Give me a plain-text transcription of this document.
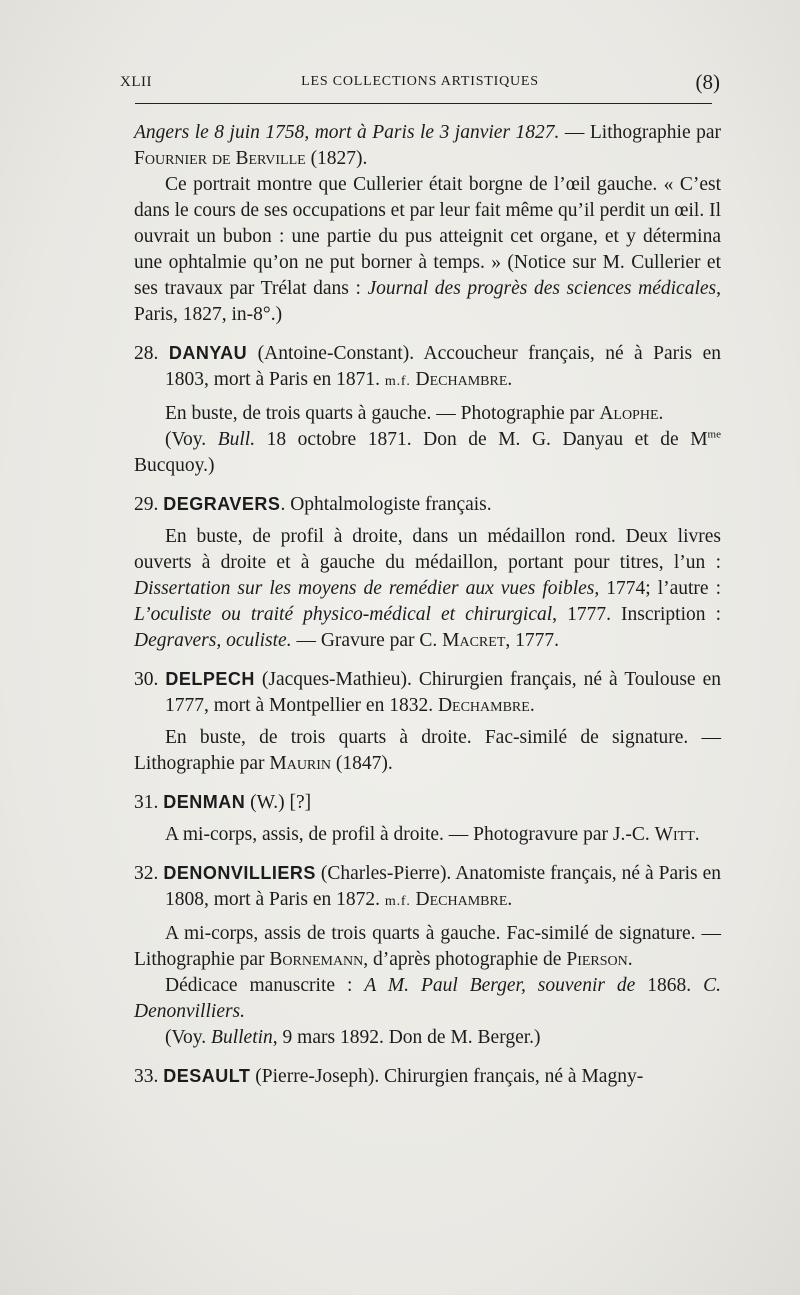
XLII	LES COLLECTIONS ARTISTIQUES	(8)

Angers le 8 juin 1758, mort à Paris le 3 janvier 1827. — Lithographie par Fournier de Berville (1827).

Ce portrait montre que Cullerier était borgne de l’œil gauche. « C’est dans le cours de ses occupations et par leur fait même qu’il perdit un œil. Il ouvrait un bubon : une partie du pus atteignit cet organe, et y détermina une ophtalmie qu’on ne put borner à temps. » (Notice sur M. Cullerier et ses travaux par Trélat dans : Journal des progrès des sciences médicales, Paris, 1827, in-8°.)

28. DANYAU (Antoine-Constant). Accoucheur français, né à Paris en 1803, mort à Paris en 1871. m.f. Dechambre.

En buste, de trois quarts à gauche. — Photographie par Alophe.

(Voy. Bull. 18 octobre 1871. Don de M. G. Danyau et de $M^{me}$ Bucquoy.)

29. DEGRAVERS. Ophtalmologiste français.

En buste, de profil à droite, dans un médaillon rond. Deux livres ouverts à droite et à gauche du médaillon, portant pour titres, l’un : Dissertation sur les moyens de remédier aux vues foibles, 1774; l’autre : L’oculiste ou traité physico-médical et chirurgical, 1777. Inscription : Degravers, oculiste. — Gravure par C. Macret, 1777.

30. DELPECH (Jacques-Mathieu). Chirurgien français, né à Toulouse en 1777, mort à Montpellier en 1832. Dechambre.

En buste, de trois quarts à droite. Fac-similé de signature. — Lithographie par Maurin (1847).

31. DENMAN (W.) [?]

A mi-corps, assis, de profil à droite. — Photogravure par J.-C. Witt.

32. DENONVILLIERS (Charles-Pierre). Anatomiste français, né à Paris en 1808, mort à Paris en 1872. m.f. Dechambre.

A mi-corps, assis de trois quarts à gauche. Fac-similé de signature. — Lithographie par Bornemann, d’après photographie de Pierson.

Dédicace manuscrite : A M. Paul Berger, souvenir de 1868. C. Denonvilliers.

(Voy. Bulletin, 9 mars 1892. Don de M. Berger.)

33. DESAULT (Pierre-Joseph). Chirurgien français, né à Magny-
